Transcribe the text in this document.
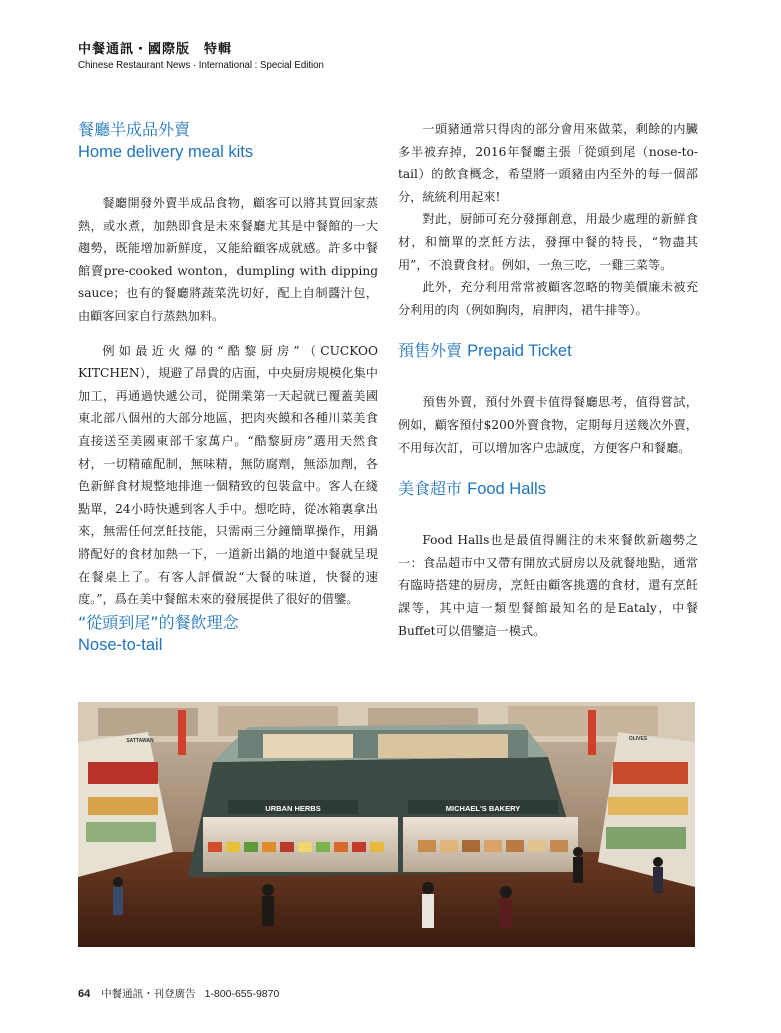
中餐通訊・國際版　特輯
Chinese Restaurant News · International : Special Edition
餐廳半成品外賣
Home delivery meal kits

餐廳開發外賣半成品食物，顧客可以將其買回家蒸熱，或水煮，加熱即食是未來餐廳尤其是中餐館的一大趨勢，既能增加新鮮度，又能給顧客成就感。許多中餐館賣pre-cooked wonton，dumpling with dipping sauce；也有的餐廳將蔬菜洗切好，配上自制醬汁包，由顧客回家自行蒸熱加料。

例如最近火爆的“酷黎厨房”（CUCKOO KITCHEN），規避了昂貴的店面，中央厨房規模化集中加工，再通過快遞公司，從開業第一天起就已覆蓋美國東北部八個州的大部分地區，把肉夾饃和各種川菜美食直接送至美國東部千家萬户。“酷黎厨房”選用天然食材，一切精確配制，無味精，無防腐劑，無添加劑，各色新鮮食材規整地排進一個精致的包裝盒中。客人在綫點單，24小時快遞到客人手中。想吃時，從冰箱裏拿出來，無需任何烹飪技能，只需兩三分鐘簡單操作，用鍋將配好的食材加熱一下，一道新出鍋的地道中餐就呈現在餐桌上了。有客人評價說“大餐的味道，快餐的速度。”，爲在美中餐館未來的發展提供了很好的借鑒。

“從頭到尾”的餐飲理念
Nose-to-tail

一頭豬通常只得肉的部分會用來做菜，剩餘的内臟多半被弃掉，2016年餐廳主張「從頭到尾（nose-to-tail）的飲食概念，希望將一頭豬由内至外的每一個部分，統統利用起來!

對此，厨師可充分發揮創意，用最少處理的新鮮食材，和簡單的烹飪方法，發揮中餐的特長，“物盡其用”，不浪費食材。例如，一魚三吃，一雞三菜等。

此外，充分利用常常被顧客忽略的物美價廉未被充分利用的肉（例如胸肉，肩胛肉，裙牛排等）。

預售外賣 Prepaid Ticket

預售外賣，預付外賣卡值得餐廳思考，值得嘗試，例如，顧客預付$200外賣食物，定期每月送幾次外賣，不用每次訂，可以增加客户忠誠度，方便客户和餐廳。

美食超市 Food Halls

Food Halls也是最值得關注的未來餐飲新趨勢之一：食品超市中又帶有開放式厨房以及就餐地點，通常有臨時搭建的厨房，烹飪由顧客挑選的食材，還有烹飪課等，其中這一類型餐館最知名的是Eataly，中餐Buffet可以借鑒這一模式。

URBAN HERBS	MICHAEL'S BAKERY
SATTAWAN	OLIVES
64 中餐通訊・刊登廣告 1-800-655-9870
